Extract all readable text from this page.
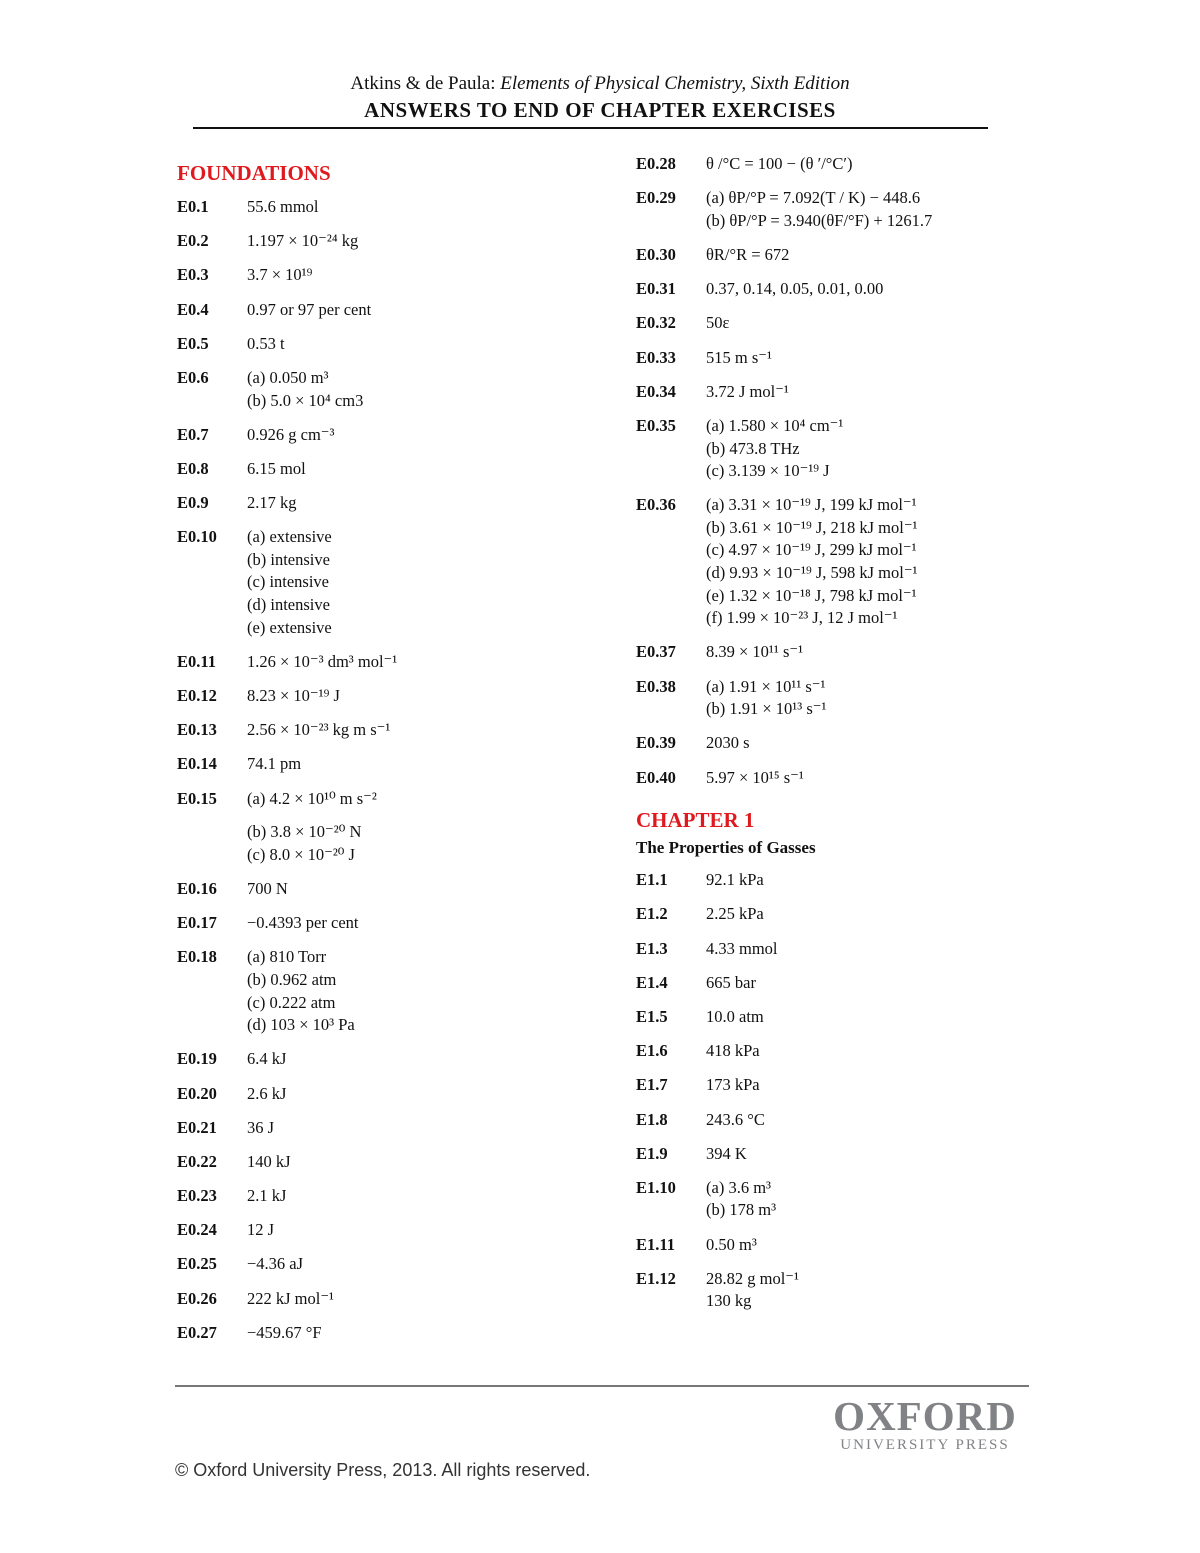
Atkins & de Paula: Elements of Physical Chemistry, Sixth Edition
ANSWERS TO END OF CHAPTER EXERCISES
FOUNDATIONS
E0.1	55.6 mmol
E0.2	1.197 × 10⁻²⁴ kg
E0.3	3.7 × 10¹⁹
E0.4	0.97 or 97 per cent
E0.5	0.53 t
E0.6	(a) 0.050 m³
(b) 5.0 × 10⁴ cm3
E0.7	0.926 g cm⁻³
E0.8	6.15 mol
E0.9	2.17 kg
E0.10	(a) extensive
(b) intensive
(c) intensive
(d) intensive
(e) extensive
E0.11	1.26 × 10⁻³ dm³ mol⁻¹
E0.12	8.23 × 10⁻¹⁹ J
E0.13	2.56 × 10⁻²³ kg m s⁻¹
E0.14	74.1 pm
E0.15	(a) 4.2 × 10¹⁰ m s⁻²
(b) 3.8 × 10⁻²⁰ N
(c) 8.0 × 10⁻²⁰ J
E0.16	700 N
E0.17	−0.4393 per cent
E0.18	(a) 810 Torr
(b) 0.962 atm
(c) 0.222 atm
(d) 103 × 10³ Pa
E0.19	6.4 kJ
E0.20	2.6 kJ
E0.21	36 J
E0.22	140 kJ
E0.23	2.1 kJ
E0.24	12 J
E0.25	−4.36 aJ
E0.26	222 kJ mol⁻¹
E0.27	−459.67 °F
E0.28	θ /°C = 100 − (θ ′/°C′)
E0.29	(a) θP/°P = 7.092(T / K) − 448.6
(b) θP/°P = 3.940(θF/°F) + 1261.7
E0.30	θR/°R = 672
E0.31	0.37, 0.14, 0.05, 0.01, 0.00
E0.32	50ε
E0.33	515 m s⁻¹
E0.34	3.72 J mol⁻¹
E0.35	(a) 1.580 × 10⁴ cm⁻¹
(b) 473.8 THz
(c) 3.139 × 10⁻¹⁹ J
E0.36	(a) 3.31 × 10⁻¹⁹ J, 199 kJ mol⁻¹
(b) 3.61 × 10⁻¹⁹ J, 218 kJ mol⁻¹
(c) 4.97 × 10⁻¹⁹ J, 299 kJ mol⁻¹
(d) 9.93 × 10⁻¹⁹ J, 598 kJ mol⁻¹
(e) 1.32 × 10⁻¹⁸ J, 798 kJ mol⁻¹
(f) 1.99 × 10⁻²³ J, 12 J mol⁻¹
E0.37	8.39 × 10¹¹ s⁻¹
E0.38	(a) 1.91 × 10¹¹ s⁻¹
(b) 1.91 × 10¹³ s⁻¹
E0.39	2030 s
E0.40	5.97 × 10¹⁵ s⁻¹
CHAPTER 1
The Properties of Gasses
E1.1	92.1 kPa
E1.2	2.25 kPa
E1.3	4.33 mmol
E1.4	665 bar
E1.5	10.0 atm
E1.6	418 kPa
E1.7	173 kPa
E1.8	243.6 °C
E1.9	394 K
E1.10	(a) 3.6 m³
(b) 178 m³
E1.11	0.50 m³
E1.12	28.82 g mol⁻¹
130 kg
OXFORD
UNIVERSITY PRESS
© Oxford University Press, 2013. All rights reserved.
